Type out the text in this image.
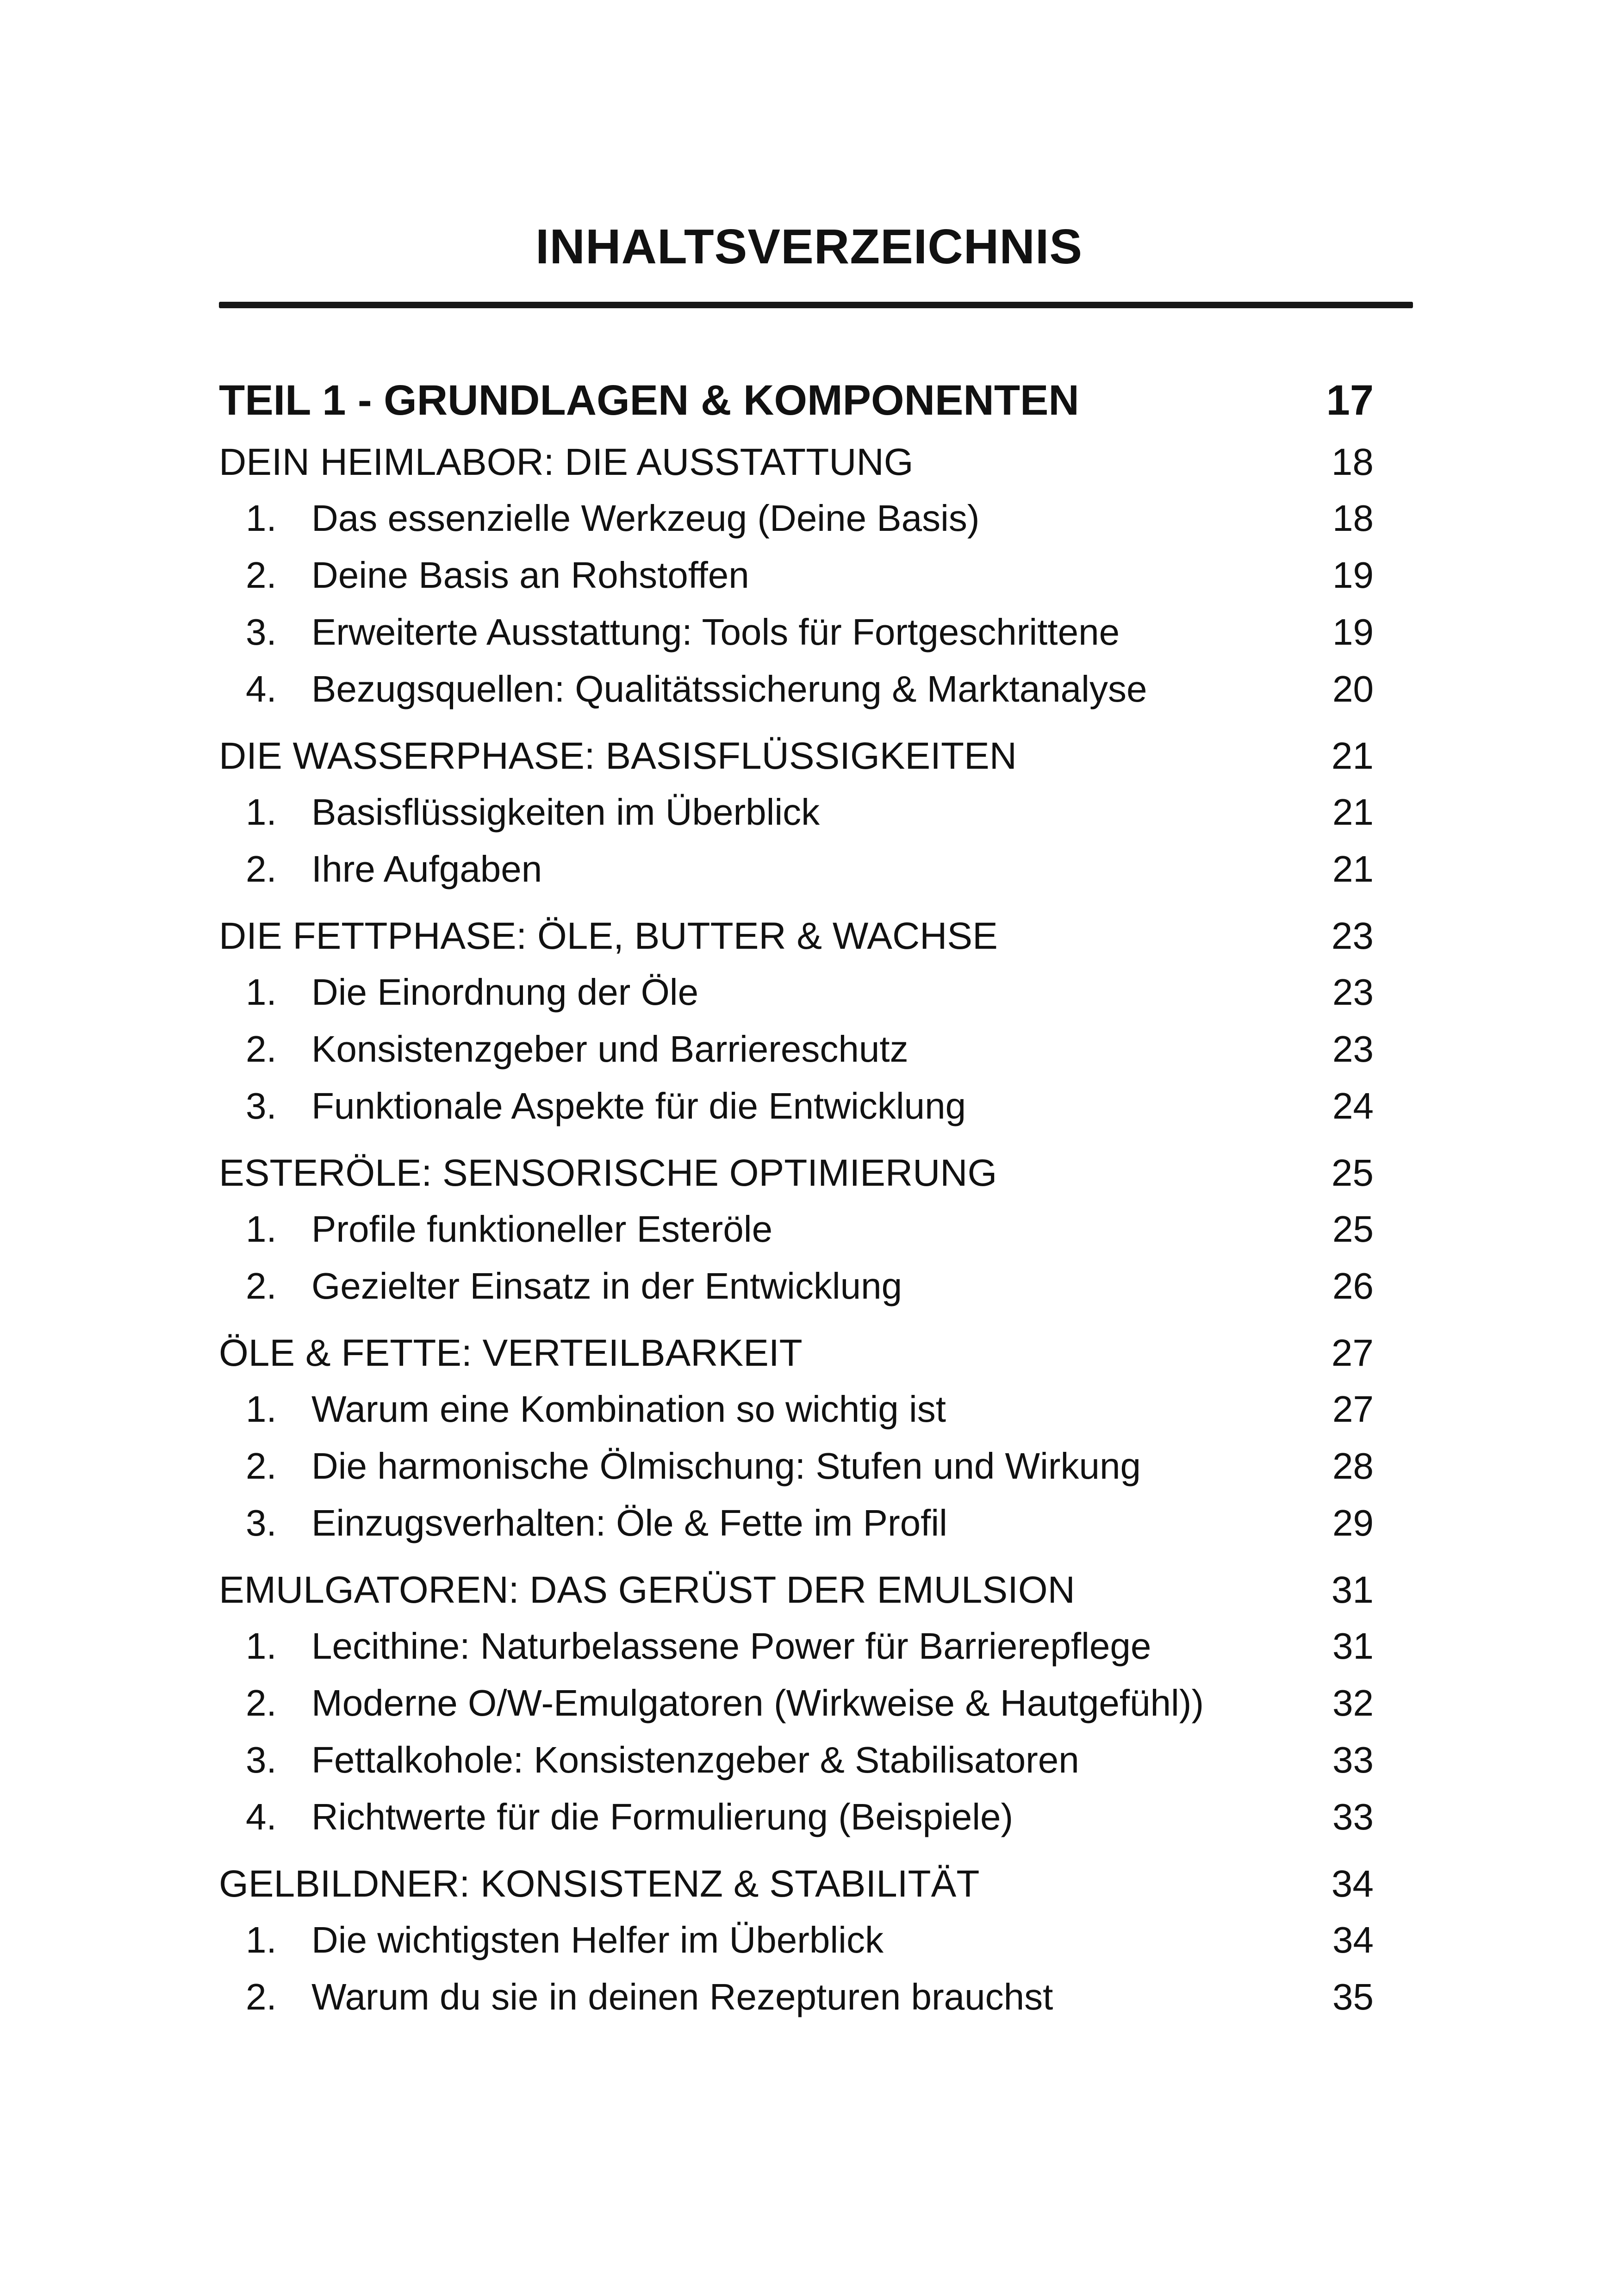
INHALTSVERZEICHNIS
TEIL 1 - GRUNDLAGEN & KOMPONENTEN	17
DEIN HEIMLABOR: DIE AUSSTATTUNG	18
1. Das essenzielle Werkzeug (Deine Basis)	18
2. Deine Basis an Rohstoffen	19
3. Erweiterte Ausstattung: Tools für Fortgeschrittene	19
4. Bezugsquellen: Qualitätssicherung & Marktanalyse	20
DIE WASSERPHASE: BASISFLÜSSIGKEITEN	21
1. Basisflüssigkeiten im Überblick	21
2. Ihre Aufgaben	21
DIE FETTPHASE: ÖLE, BUTTER & WACHSE	23
1. Die Einordnung der Öle	23
2. Konsistenzgeber und Barriereschutz	23
3. Funktionale Aspekte für die Entwicklung	24
ESTERÖLE: SENSORISCHE OPTIMIERUNG	25
1. Profile funktioneller Esteröle	25
2. Gezielter Einsatz in der Entwicklung	26
ÖLE & FETTE: VERTEILBARKEIT	27
1. Warum eine Kombination so wichtig ist	27
2. Die harmonische Ölmischung: Stufen und Wirkung	28
3. Einzugsverhalten: Öle & Fette im Profil	29
EMULGATOREN: DAS GERÜST DER EMULSION	31
1. Lecithine: Naturbelassene Power für Barrierepflege	31
2. Moderne O/W-Emulgatoren (Wirkweise & Hautgefühl))	32
3. Fettalkohole: Konsistenzgeber & Stabilisatoren	33
4. Richtwerte für die Formulierung (Beispiele)	33
GELBILDNER: KONSISTENZ & STABILITÄT	34
1. Die wichtigsten Helfer im Überblick	34
2. Warum du sie in deinen Rezepturen brauchst	35
